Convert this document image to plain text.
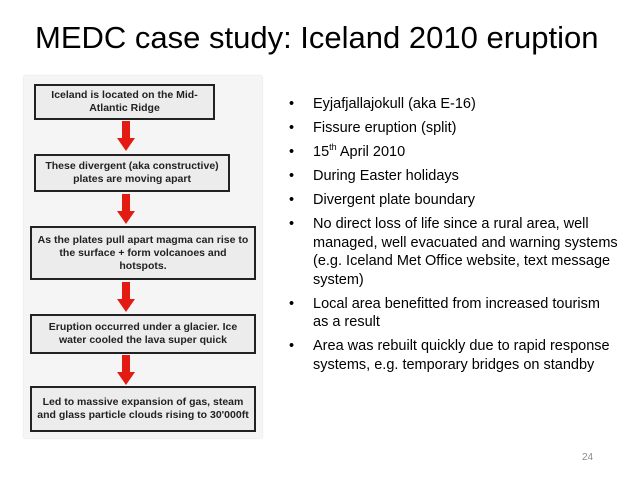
MEDC case study: Iceland 2010 eruption
Iceland is located on the Mid-Atlantic Ridge
These divergent (aka constructive) plates are moving apart
As the plates pull apart magma can rise to the surface + form volcanoes and hotspots.
Eruption occurred under a glacier. Ice water cooled the lava super quick
Led to massive expansion of gas, steam and glass particle clouds rising to 30'000ft
• Eyjafjallajokull (aka E-16)
• Fissure eruption (split)
• 15th April 2010
• During Easter holidays
• Divergent plate boundary
• No direct loss of life since a rural area, well managed, well evacuated and warning systems (e.g. Iceland Met Office website, text message system)
• Local area benefitted from increased tourism as a result
• Area was rebuilt quickly due to rapid response systems, e.g. temporary bridges on standby
24
